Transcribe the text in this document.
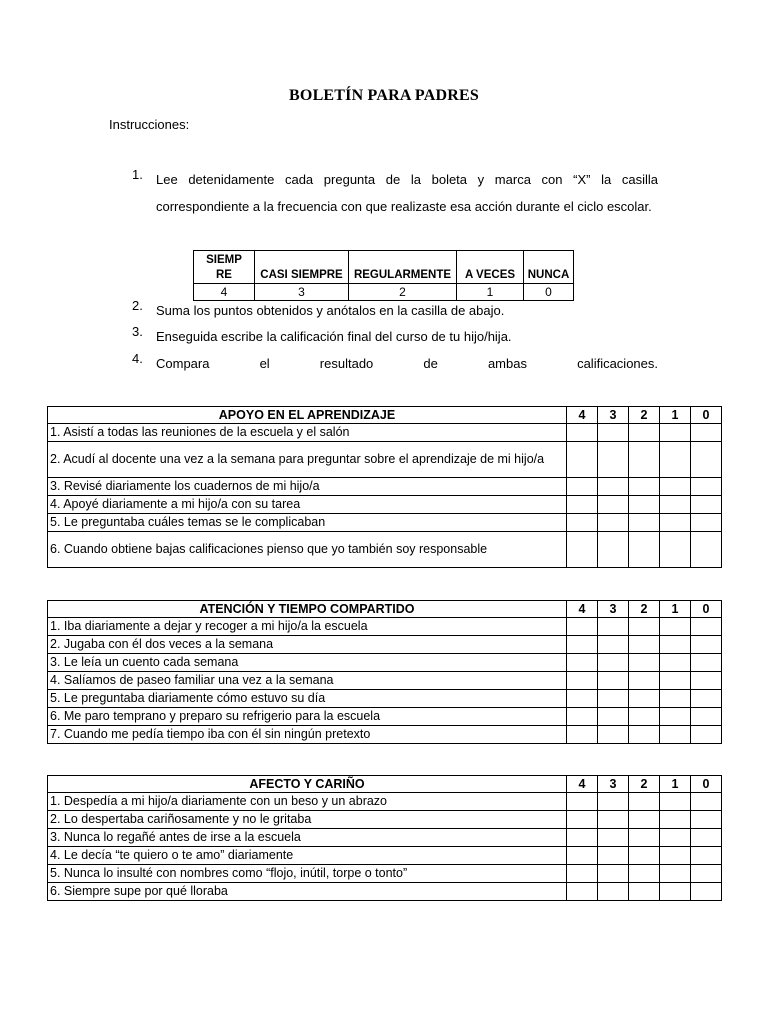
BOLETÍN PARA PADRES
Instrucciones:
1.	Lee detenidamente cada pregunta de la boleta y marca con “X” la casilla correspondiente a la frecuencia con que realizaste esa acción durante el ciclo escolar.
SIEMPRE	CASI SIEMPRE	REGULARMENTE	A VECES	NUNCA
4	3	2	1	0
2.	Suma los puntos obtenidos y anótalos en la casilla de abajo.
3.	Enseguida escribe la calificación final del curso de tu hijo/hija.
4.	Compara el resultado de ambas calificaciones.
APOYO EN EL APRENDIZAJE	4	3	2	1	0
1. Asistí a todas las reuniones de la escuela y el salón					
2. Acudí al docente una vez a la semana para preguntar sobre el aprendizaje de mi hijo/a					
3. Revisé diariamente los cuadernos de mi hijo/a					
4. Apoyé diariamente a mi hijo/a con su tarea					
5. Le preguntaba cuáles temas se le complicaban					
6. Cuando obtiene bajas calificaciones pienso que yo también soy responsable					
ATENCIÓN Y TIEMPO COMPARTIDO	4	3	2	1	0
1. Iba diariamente a dejar y recoger a mi hijo/a la escuela					
2. Jugaba con él dos veces a la semana					
3. Le leía un cuento cada semana					
4. Salíamos de paseo familiar una vez a la semana					
5. Le preguntaba diariamente cómo estuvo su día					
6. Me paro temprano y preparo su refrigerio para la escuela					
7. Cuando me pedía tiempo iba con él sin ningún pretexto					
AFECTO Y CARIÑO	4	3	2	1	0
1. Despedía a mi hijo/a diariamente con un beso y un abrazo					
2. Lo despertaba cariñosamente y no le gritaba					
3. Nunca lo regañé antes de irse a la escuela					
4. Le decía “te quiero o te amo” diariamente					
5. Nunca lo insulté con nombres como “flojo, inútil, torpe o tonto”					
6. Siempre supe por qué lloraba					
